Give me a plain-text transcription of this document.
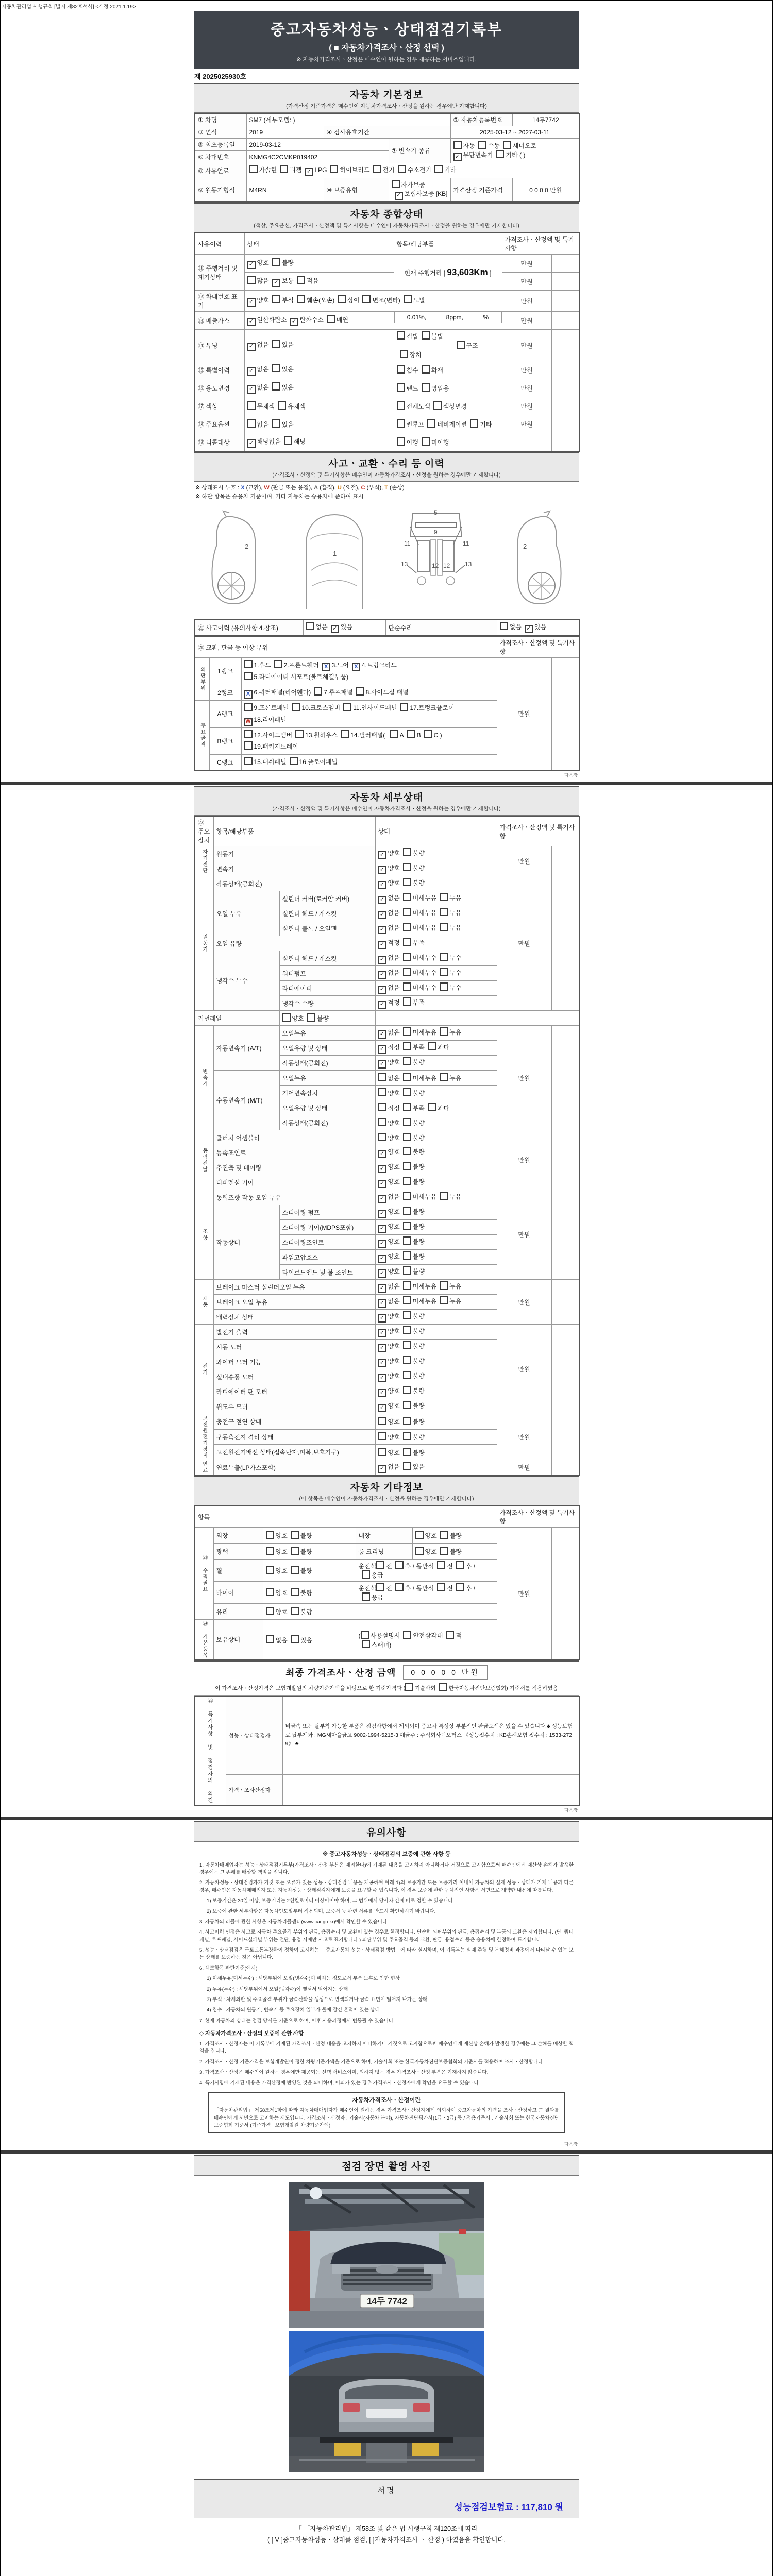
자동차관리법 시행규칙 [별지 제82호서식] <개정 2021.1.19>
중고자동차성능ㆍ상태점검기록부
( ■ 자동차가격조사ㆍ산정 선택 )
※ 자동차가격조사ㆍ산정은 매수인이 원하는 경우 제공하는 서비스입니다.
제 2025025930호
자동차 기본정보
(가격산정 기준가격은 매수인이 자동차가격조사ㆍ산정을 원하는 경우에만 기재합니다)
① 차명	SM7 (세부모델: )			② 자동차등록번호	14두7742
③ 연식	2019	④ 검사유효기간		2025-03-12 ~ 2027-03-11	
⑤ 최초등록일	2019-03-12		⑦ 변속기 종류	자동 수동 세미오토
✓ 무단변속기 기타 ( )	
⑥ 차대번호	KNMG4C2CMKP019402				
⑧ 사용연료	가솔린 디젤 ✓ LPG 하이브리드 전기 수소전기 기타				
⑨ 원동기형식	M4RN	⑩ 보증유형	자가보증✓ 보험사보증 [KB]	가격산정 기준가격	0 0 0 0 만원
자동차 종합상태
(색상, 주요옵션, 가격조사ㆍ산정액 및 특기사항은 매수인이 자동차가격조사ㆍ산정을 원하는 경우에만 기재합니다)
사용이력	상태	항목/해당부품	가격조사ㆍ산정액 및 특기사항	
⑪ 주행거리 및 계기상태	✓ 양호 불량	현재 주행거리 [ 93,603Km ]	만원	
	많음 ✓ 보통 적음		만원	
⑫ 차대번호 표기	✓ 양호 부식 훼손(오손) 상이 변조(변타) 도말		만원	
⑬ 배출가스	✓ 일산화탄소 ✓ 탄화수소 매연		0.01%,	8ppm,	%	만원	
⑭ 튜닝	✓ 없음 있음	적법 불법구조장치	만원	
⑮ 특별이력	✓ 없음 있음	침수 화재	만원	
⑯ 용도변경	✓ 없음 있음	렌트 영업용	만원	
⑰ 색상	무채색 유채색	전체도색 색상변경	만원	
⑱ 주요옵션	없음 있음	썬루프 네비게이션 기타	만원	
⑲ 리콜대상	✓ 해당없음 해당	이행 미이행		
사고ㆍ교환ㆍ수리 등 이력
(가격조사ㆍ산정액 및 특기사항은 매수인이 자동차가격조사ㆍ산정을 원하는 경우에만 기재합니다)
※ 상태표시 부호 : X (교환), W (판금 또는 용접), A (흠집), U (요철), C (부식), T (손상)
※ 하단 항목은 승용차 기준이며, 기타 자동차는 승용차에 준하여 표시
2
1
5
9
11	11
13	13
12 12
2
⑳ 사고이력 (유의사항 4.참조)	없음 ✓ 있음	단순수리	없음 ✓ 있음
㉑ 교환, 판금 등 이상 부위			가격조사ㆍ산정액 및 특기사항	
외판부위	1랭크	1.후드 2.프론트휀더 X 3.도어 X 4.트렁크리드
5.라디에이터 서포트(볼트체결부품)	만원	
	2랭크	X 6.쿼터패널(리어휀다) 7.루프패널 8.사이드실 패널		
주요골격	A랭크	9.프론트패널 10.크로스멤버 11.인사이드패널 17.트렁크플로어
W 18.리어패널		
	B랭크	12.사이드멤버 13.휠하우스 14.필러패널( A B C )
19.패키지트레이		
	C랭크	15.대쉬패널 16.플로어패널		
다음장
자동차 세부상태
(가격조사ㆍ산정액 및 특기사항은 매수인이 자동차가격조사ㆍ산정을 원하는 경우에만 기재합니다)
㉒ 주요장치	항목/해당부품		상태	가격조사ㆍ산정액 및 특기사항	
자기진단	원동기		✓ 양호 불량	만원	
	변속기		✓ 양호 불량		
원동기	작동상태(공회전)		✓ 양호 불량	만원	
	오일 누유	실린더 커버(로커암 커버)	✓ 없음 미세누유 누유		
		실린더 헤드 / 개스킷	✓ 없음 미세누유 누유		
		실린더 블록 / 오일팬	✓ 없음 미세누유 누유		
	오일 유량		✓ 적정 부족		
	냉각수 누수	실린더 헤드 / 개스킷	✓ 없음 미세누수 누수		
		워터펌프	✓ 없음 미세누수 누수		
		라디에이터	✓ 없음 미세누수 누수		
		냉각수 수량	✓ 적정 부족		
커먼레일		양호 불량			
변속기	자동변속기 (A/T)	오일누유	✓ 없음 미세누유 누유	만원	
		오일유량 및 상태	✓ 적정 부족 과다		
		작동상태(공회전)	✓ 양호 불량		
	수동변속기 (M/T)	오일누유	없음 미세누유 누유		
		기어변속장치	양호 불량		
		오일유량 및 상태	적정 부족 과다		
		작동상태(공회전)	양호 불량		
동력전달	클러치 어셈블리		양호 불량	만원	
	등속죠인트		✓ 양호 불량		
	추진축 및 베어링		✓ 양호 불량		
	디퍼렌셜 기어		✓ 양호 불량		
조향	동력조향 작동 오일 누유		✓ 없음 미세누유 누유	만원	
	작동상태	스티어링 펌프	✓ 양호 불량		
		스티어링 기어(MDPS포함)	✓ 양호 불량		
		스티어링조인트	✓ 양호 불량		
		파워고압호스	✓ 양호 불량		
		타이로드엔드 및 볼 조인트	✓ 양호 불량		
제동	브레이크 마스터 실린더오일 누유		✓ 없음 미세누유 누유	만원	
	브레이크 오일 누유		✓ 없음 미세누유 누유		
	배력장치 상태		✓ 양호 불량		
전기	발전기 출력		✓ 양호 불량	만원	
	시동 모터		✓ 양호 불량		
	와이퍼 모터 기능		✓ 양호 불량		
	실내송풍 모터		✓ 양호 불량		
	라디에이터 팬 모터		✓ 양호 불량		
	윈도우 모터		✓ 양호 불량		
고전원전기장치	충전구 절연 상태		양호 불량	만원	
	구동축전지 격리 상태		양호 불량		
	고전원전기배선 상태(접속단자,피복,보호기구)		양호 불량		
연료	연료누출(LP가스포함)		✓ 없음 있음	만원	
자동차 기타정보
(이 항목은 매수인이 자동차가격조사ㆍ산정을 원하는 경우에만 기재합니다)
항목					가격조사ㆍ산정액 및 특기사항	
㉓ 수리필요	외장	양호 불량	내장	양호 불량	만원	
	광택	양호 불량	룸 크리닝	양호 불량		
	휠	양호 불량	운전석 전 후 / 동반석 전 후 / 응급			
	타이어	양호 불량	운전석 전 후 / 동반석 전 후 / 응급			
	유리	양호 불량				
㉔ 기본품목	보유상태	없음 있음	( 사용설명서 안전삼각대 잭스패너)			
최종 가격조사ㆍ산정 금액	0 0 0 0 0 만원
이 가격조사ㆍ산정가격은 보험개발원의 차량기준가액을 바탕으로 한 기준가격과 ( 기술사회 한국자동차진단보증협회) 기준서를 적용하였음
㉕ 특기사항 및 점검자의 의견	성능ㆍ상태점검자	비금속 또는 탈부착 가능한 부품은 점검사항에서 제외되며 중고차 특성상 부분적인 판금도색은 있을 수 있습니다.♣ 성능보험료 납부계좌 : MG새마을금고 9002-1994-5215-3 예금주 : 주식회사팀모터스 《성능접수처 : KB손해보험 접수처 : 1533-2729》 ♣
	가격ㆍ조사산정자	
다음장
유의사항
※ 중고자동차성능ㆍ상태점검의 보증에 관한 사항 등

1. 자동차매매업자는 성능ㆍ상태점검기록부(가격조사ㆍ산정 부분은 제외한다)에 기재된 내용을 고지하지 아니하거나 거짓으로 고지함으로써 매수인에게 재산상 손해가 발생한 경우에는 그 손해를 배상할 책임을 집니다.

2. 자동차성능ㆍ상태점검자가 거짓 또는 오류가 있는 성능ㆍ상태점검 내용을 제공하여 아래 1)의 보증기간 또는 보증거리 이내에 자동차의 실제 성능ㆍ상태가 기재 내용과 다른 경우, 매수인은 자동차매매업자 또는 자동차성능ㆍ상태점검자에게 보증을 요구할 수 있습니다. 이 경우 보증에 관한 구체적인 사항은 서면으로 계약한 내용에 따릅니다.

1) 보증기간은 30일 이상, 보증거리는 2천킬로미터 이상이어야 하며, 그 범위에서 당사자 간에 따로 정할 수 있습니다.

2) 보증에 관한 세부사항은 자동차인도일부터 적용되며, 보증서 등 관련 서류를 반드시 확인하시기 바랍니다.

3. 자동차의 리콜에 관한 사항은 자동차리콜센터(www.car.go.kr)에서 확인할 수 있습니다.

4. 사고이력 인정은 사고로 자동차 주요골격 부위의 판금, 용접수리 및 교환이 있는 경우로 한정합니다. 단순히 외판부위의 판금, 용접수리 및 부품의 교환은 제외합니다. (단, 쿼터패널, 루프패널, 사이드실패널 부위는 절단, 용접 시에만 사고로 표기합니다.) 외판부위 및 주요골격 등의 교환, 판금, 용접수리 등은 승용차에 한정하여 표기합니다.

5. 성능ㆍ상태점검은 국토교통부장관이 정하여 고시하는 「중고자동차 성능ㆍ상태점검 방법」에 따라 실시하며, 이 기록부는 실제 주행 및 분해정비 과정에서 나타날 수 있는 모든 상태를 보증하는 것은 아닙니다.

6. 체크항목 판단기준(예시)

1) 미세누유(미세누수) : 해당부위에 오일(냉각수)이 비치는 정도로서 부품 노후로 인한 현상

2) 누유(누수) : 해당부위에서 오일(냉각수)이 맺혀서 떨어지는 상태

3) 부식 : 차체외판 및 주요골격 부위가 금속산화물 생성으로 변색되거나 금속 표면이 떨어져 나가는 상태

4) 침수 : 자동차의 원동기, 변속기 등 주요장치 일부가 물에 잠긴 흔적이 있는 상태

7. 현재 자동차의 상태는 점검 당시를 기준으로 하며, 이후 사용과정에서 변동될 수 있습니다.

◇ 자동차가격조사ㆍ산정의 보증에 관한 사항

1. 가격조사ㆍ산정자는 이 기록부에 기재된 가격조사ㆍ산정 내용을 고지하지 아니하거나 거짓으로 고지함으로써 매수인에게 재산상 손해가 발생한 경우에는 그 손해를 배상할 책임을 집니다.

2. 가격조사ㆍ산정 기준가격은 보험개발원이 정한 차량기준가액을 기준으로 하며, 기술사회 또는 한국자동차진단보증협회의 기준서를 적용하여 조사ㆍ산정합니다.

3. 가격조사ㆍ산정은 매수인이 원하는 경우에만 제공되는 선택 서비스이며, 원하지 않는 경우 가격조사ㆍ산정 부분은 기재하지 않습니다.

4. 특기사항에 기재된 내용은 가격산정에 반영된 것을 의미하며, 이의가 있는 경우 가격조사ㆍ산정자에게 확인을 요구할 수 있습니다.

자동차가격조사ㆍ산정이란
「자동차관리법」 제58조제1항에 따라 자동차매매업자가 매수인이 원하는 경우 가격조사ㆍ산정자에게 의뢰하여 중고자동차의 가격을 조사ㆍ산정하고 그 결과를 매수인에게 서면으로 고지하는 제도입니다. 가격조사ㆍ산정자 : 기술사(자동차 분야), 자동차진단평가사(1급ㆍ2급) 등 / 적용기준서 : 기술사회 또는 한국자동차진단보증협회 기준서 (기준가격 : 보험개발원 차량기준가액)
다음장
점검 장면 촬영 사진
14두 7742
서명
성능점검보험료 : 117,810 원
「 「자동차관리법」 제58조 및 같은 법 시행규칙 제120조에 따라
( [ V ]중고자동차성능ㆍ상태를 점검, [ ]자동차가격조사 ㆍ 산정 ) 하였음을 확인합니다.
